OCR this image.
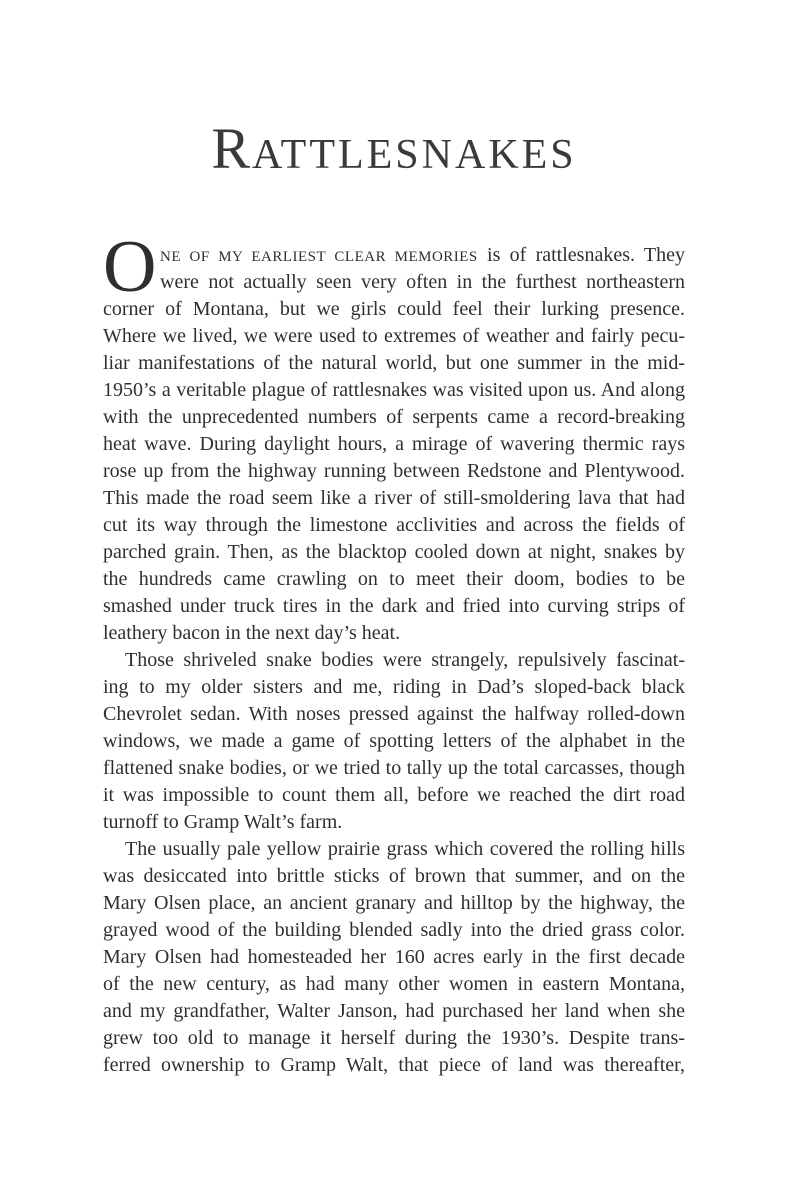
RATTLESNAKES
O NE OF MY EARLIEST CLEAR MEMORIES is of rattlesnakes. They
were not actually seen very often in the furthest northeastern
corner of Montana, but we girls could feel their lurking presence.
Where we lived, we were used to extremes of weather and fairly pecu-
liar manifestations of the natural world, but one summer in the mid-
1950’s a veritable plague of rattlesnakes was visited upon us. And along
with the unprecedented numbers of serpents came a record-breaking
heat wave. During daylight hours, a mirage of wavering thermic rays
rose up from the highway running between Redstone and Plentywood.
This made the road seem like a river of still-smoldering lava that had
cut its way through the limestone acclivities and across the fields of
parched grain. Then, as the blacktop cooled down at night, snakes by
the hundreds came crawling on to meet their doom, bodies to be
smashed under truck tires in the dark and fried into curving strips of
leathery bacon in the next day’s heat.
Those shriveled snake bodies were strangely, repulsively fascinat-
ing to my older sisters and me, riding in Dad’s sloped-back black
Chevrolet sedan. With noses pressed against the halfway rolled-down
windows, we made a game of spotting letters of the alphabet in the
flattened snake bodies, or we tried to tally up the total carcasses, though
it was impossible to count them all, before we reached the dirt road
turnoff to Gramp Walt’s farm.
The usually pale yellow prairie grass which covered the rolling hills
was desiccated into brittle sticks of brown that summer, and on the
Mary Olsen place, an ancient granary and hilltop by the highway, the
grayed wood of the building blended sadly into the dried grass color.
Mary Olsen had homesteaded her 160 acres early in the first decade
of the new century, as had many other women in eastern Montana,
and my grandfather, Walter Janson, had purchased her land when she
grew too old to manage it herself during the 1930’s. Despite trans-
ferred ownership to Gramp Walt, that piece of land was thereafter,
